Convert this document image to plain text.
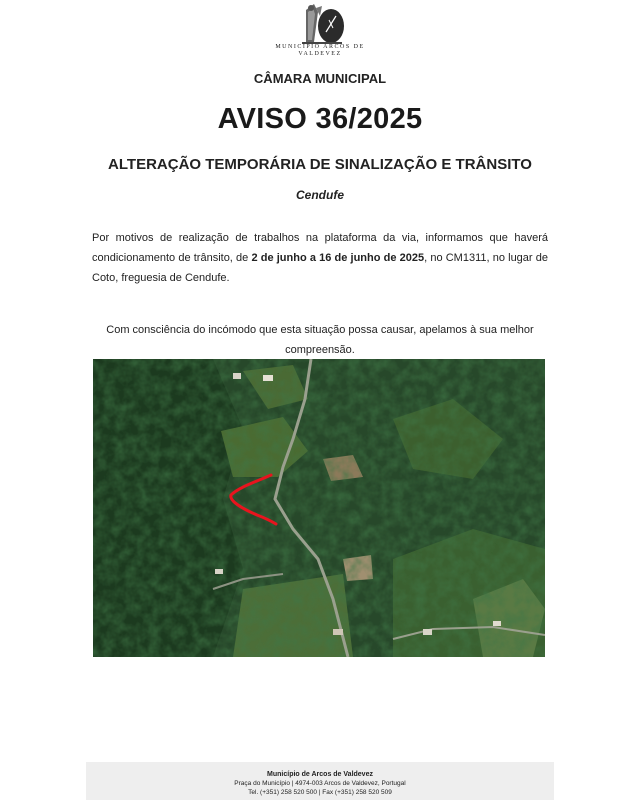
MUNICÍPIO ARCOS DE VALDEVEZ
CÂMARA MUNICIPAL
AVISO 36/2025
ALTERAÇÃO TEMPORÁRIA DE SINALIZAÇÃO E TRÂNSITO
Cendufe
Por motivos de realização de trabalhos na plataforma da via, informamos que haverá condicionamento de trânsito, de 2 de junho a 16 de junho de 2025, no CM1311, no lugar de Coto, freguesia de Cendufe.
Com consciência do incómodo que esta situação possa causar, apelamos à sua melhor compreensão.
Município de Arcos de Valdevez
Praça do Município | 4974-003 Arcos de Valdevez, Portugal
Tel. (+351) 258 520 500 | Fax (+351) 258 520 509
